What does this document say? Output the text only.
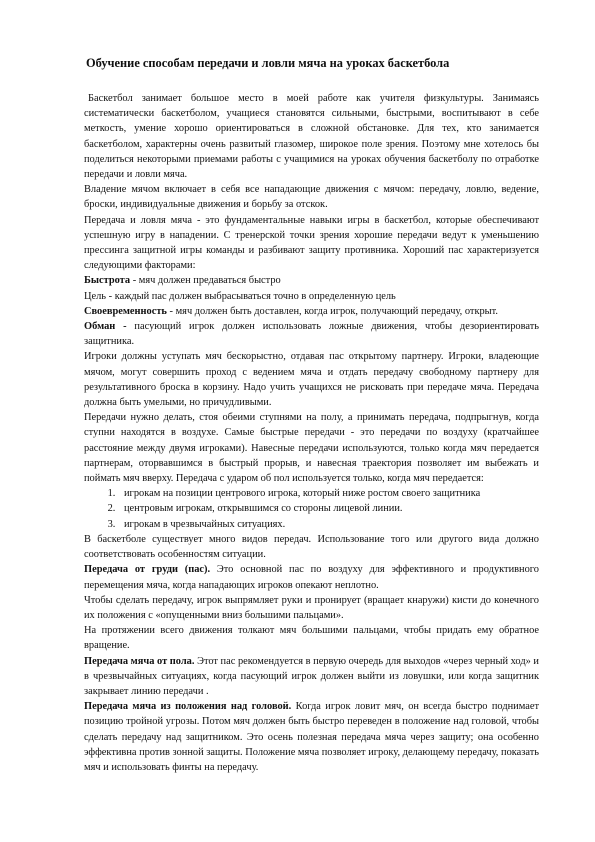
Обучение способам передачи и ловли мяча на уроках баскетбола

Баскетбол занимает большое место в моей работе как учителя физкультуры. Занимаясь систематически баскетболом, учащиеся становятся сильными, быстрыми, воспитывают в себе меткость, умение хорошо ориентироваться в сложной обстановке. Для тех, кто занимается баскетболом, характерны очень развитый глазомер, широкое поле зрения. Поэтому мне хотелось бы поделиться некоторыми приемами работы с учащимися на уроках обучения баскетболу по отработке передачи и ловли мяча.

Владение мячом включает в себя все нападающие движения с мячом: передачу, ловлю, ведение, броски, индивидуальные движения и борьбу за отскок.

Передача и ловля мяча - это фундаментальные навыки игры в баскетбол, которые обеспечивают успешную игру в нападении. С тренерской точки зрения хорошие передачи ведут к уменьшению прессинга защитной игры команды и разбивают защиту противника. Хороший пас характеризуется следующими факторами:

Быстрота - мяч должен предаваться быстро

Цель - каждый пас должен выбрасываться точно в определенную цель

Своевременность - мяч должен быть доставлен, когда игрок, получающий передачу, открыт.

Обман - пасующий игрок должен использовать ложные движения, чтобы дезориентировать защитника.

Игроки должны уступать мяч бескорыстно, отдавая пас открытому партнеру. Игроки, владеющие мячом, могут совершить проход с ведением мяча и отдать передачу свободному партнеру для результативного броска в корзину. Надо учить учащихся не рисковать при передаче мяча. Передача должна быть умелыми, но причудливыми.

Передачи нужно делать, стоя обеими ступнями на полу, а принимать передача, подпрыгнув, когда ступни находятся в воздухе. Самые быстрые передачи - это передачи по воздуху (кратчайшее расстояние между двумя игроками). Навесные передачи используются, только когда мяч передается партнерам, оторвавшимся в быстрый прорыв, и навесная траектория позволяет им выбежать и поймать мяч вверху. Передача с ударом об пол используется только, когда мяч передается:

1. игрокам на позиции центрового игрока, который ниже ростом своего защитника
2. центровым игрокам, открывшимся со стороны лицевой линии.
3. игрокам в чрезвычайных ситуациях.

В баскетболе существует много видов передач. Использование того или другого вида должно соответствовать особенностям ситуации.

Передача от груди (пас). Это основной пас по воздуху для эффективного и продуктивного перемещения мяча, когда нападающих игроков опекают неплотно.

Чтобы сделать передачу, игрок выпрямляет руки и пронирует (вращает кнаружи) кисти до конечного их положения с «опущенными вниз большими пальцами».

На протяжении всего движения толкают мяч большими пальцами, чтобы придать ему обратное вращение.

Передача мяча от пола. Этот пас рекомендуется в первую очередь для выходов «через черный ход» и в чрезвычайных ситуациях, когда пасующий игрок должен выйти из ловушки, или когда защитник закрывает линию передачи .

Передача мяча из положения над головой. Когда игрок ловит мяч, он всегда быстро поднимает позицию тройной угрозы. Потом мяч должен быть быстро переведен в положение над головой, чтобы сделать передачу над защитником. Это осень полезная передача мяча через защиту; она особенно эффективна против зонной защиты. Положение мяча позволяет игроку, делающему передачу, показать мяч и использовать финты на передачу.
